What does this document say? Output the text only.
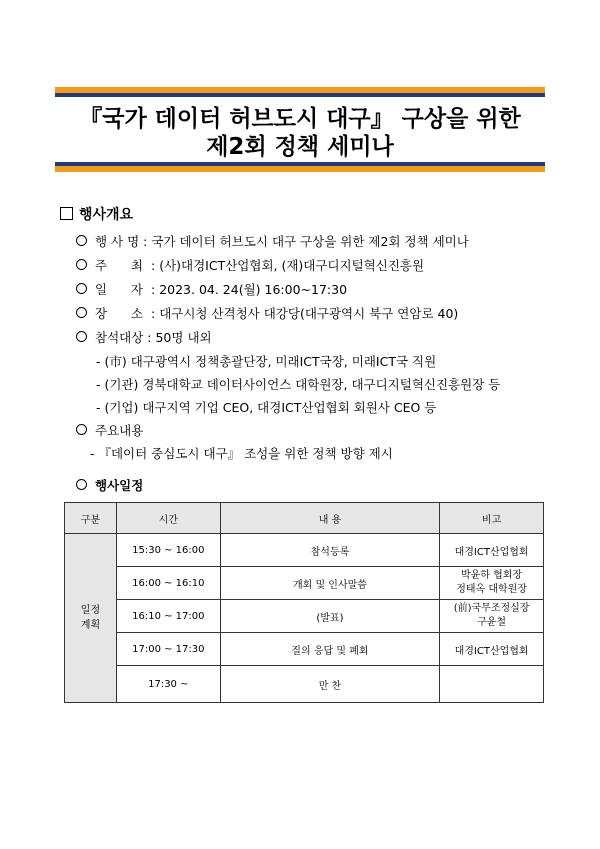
『국가 데이터 허브도시 대구』 구상을 위한
제2회 정책 세미나
행사개요
행 사 명 : 국가 데이터 허브도시 대구 구상을 위한 제2회 정책 세미나
주      최 : (사)대경ICT산업협회, (재)대구디지털혁신진흥원
일      자 : 2023. 04. 24(월) 16:00~17:30
장      소 : 대구시청 산격청사 대강당(대구광역시 북구 연암로 40)
참석대상 : 50명 내외
- (市) 대구광역시 정책총괄단장, 미래ICT국장, 미래ICT국 직원
- (기관) 경북대학교 데이터사이언스 대학원장, 대구디지털혁신진흥원장 등
- (기업) 대구지역 기업 CEO, 대경ICT산업협회 회원사 CEO 등
주요내용
- 『데이터 중심도시 대구』 조성을 위한 정책 방향 제시
행사일정
구분	시간	내 용	비고

일정
계획	15:30 ~ 16:00	참석등록	대경ICT산업협회

	16:00 ~ 16:10	개회 및 인사말씀	박윤하 협회장
정태옥 대학원장

	16:10 ~ 17:00	(발표)	(前)국무조정실장
구윤철

	17:00 ~ 17:30	질의 응답 및 폐회	대경ICT산업협회

	17:30 ~	만 찬	
